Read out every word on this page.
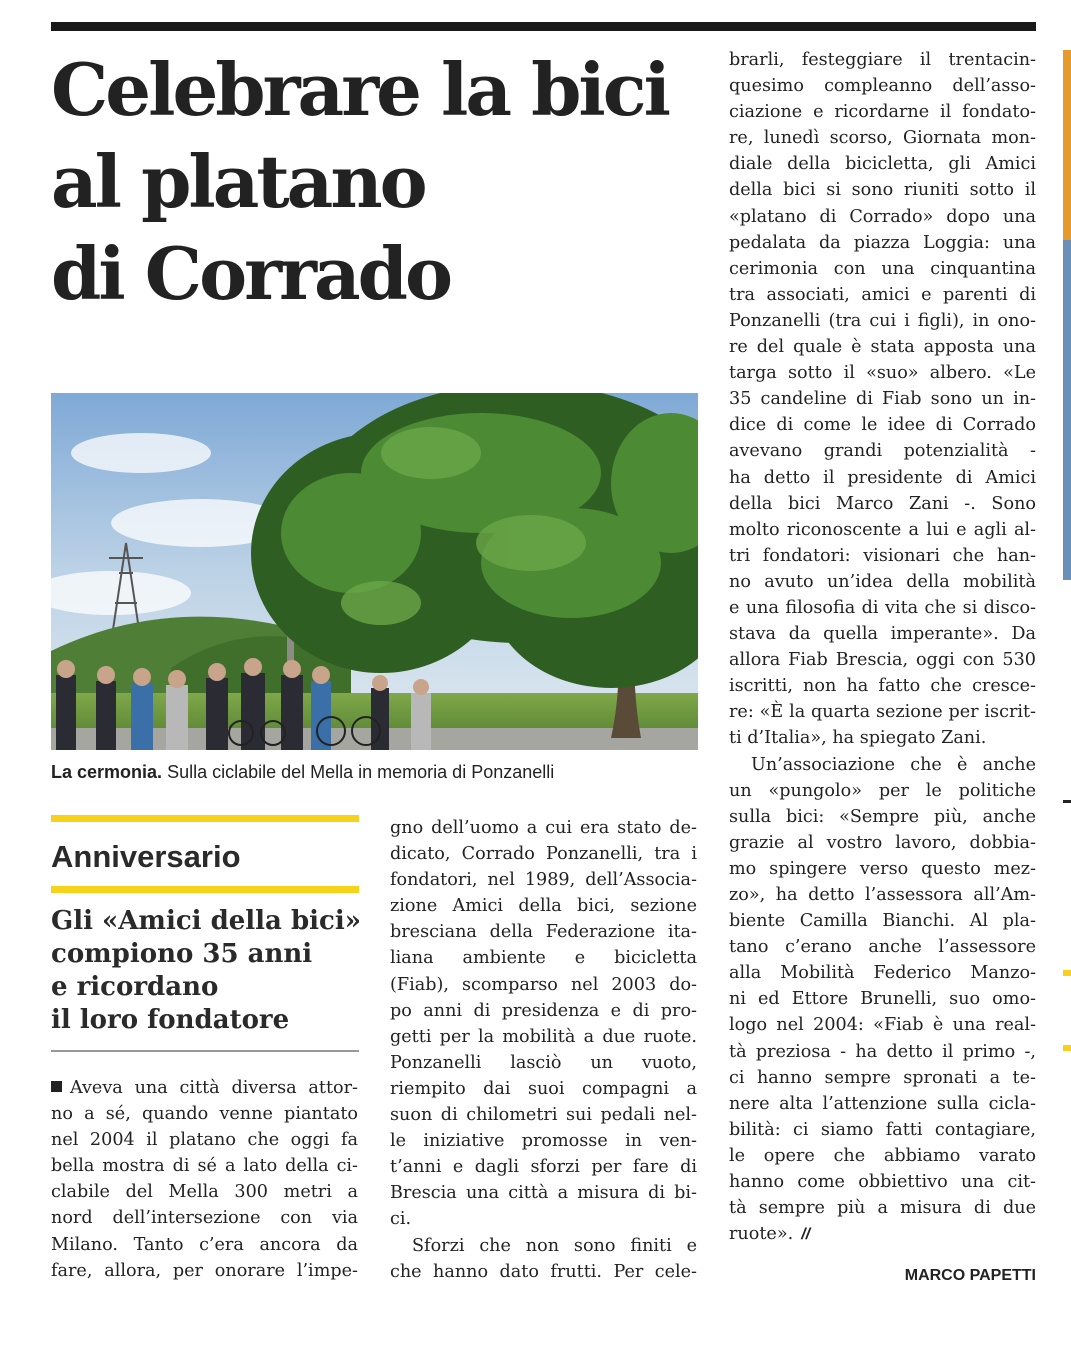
Celebrare la bici
al platano
di Corrado
La cermonia. Sulla ciclabile del Mella in memoria di Ponzanelli
Anniversario
Gli «Amici della bici»
compiono 35 anni
e ricordano
il loro fondatore
Aveva una città diversa attor-
no a sé, quando venne piantato
nel 2004 il platano che oggi fa
bella mostra di sé a lato della ci-
clabile del Mella 300 metri a
nord dell’intersezione con via
Milano. Tanto c’era ancora da
fare, allora, per onorare l’impe-
gno dell’uomo a cui era stato de-
dicato, Corrado Ponzanelli, tra i
fondatori, nel 1989, dell’Associa-
zione Amici della bici, sezione
bresciana della Federazione ita-
liana ambiente e bicicletta
(Fiab), scomparso nel 2003 do-
po anni di presidenza e di pro-
getti per la mobilità a due ruote.
Ponzanelli lasciò un vuoto,
riempito dai suoi compagni a
suon di chilometri sui pedali nel-
le iniziative promosse in ven-
t’anni e dagli sforzi per fare di
Brescia una città a misura di bi-
ci.
Sforzi che non sono finiti e
che hanno dato frutti. Per cele-
brarli, festeggiare il trentacin-
quesimo compleanno dell’asso-
ciazione e ricordarne il fondato-
re, lunedì scorso, Giornata mon-
diale della bicicletta, gli Amici
della bici si sono riuniti sotto il
«platano di Corrado» dopo una
pedalata da piazza Loggia: una
cerimonia con una cinquantina
tra associati, amici e parenti di
Ponzanelli (tra cui i figli), in ono-
re del quale è stata apposta una
targa sotto il «suo» albero. «Le
35 candeline di Fiab sono un in-
dice di come le idee di Corrado
avevano grandi potenzialità -
ha detto il presidente di Amici
della bici Marco Zani -. Sono
molto riconoscente a lui e agli al-
tri fondatori: visionari che han-
no avuto un’idea della mobilità
e una filosofia di vita che si disco-
stava da quella imperante». Da
allora Fiab Brescia, oggi con 530
iscritti, non ha fatto che cresce-
re: «È la quarta sezione per iscrit-
ti d’Italia», ha spiegato Zani.
Un’associazione che è anche
un «pungolo» per le politiche
sulla bici: «Sempre più, anche
grazie al vostro lavoro, dobbia-
mo spingere verso questo mez-
zo», ha detto l’assessora all’Am-
biente Camilla Bianchi. Al pla-
tano c’erano anche l’assessore
alla Mobilità Federico Manzo-
ni ed Ettore Brunelli, suo omo-
logo nel 2004: «Fiab è una real-
tà preziosa - ha detto il primo -,
ci hanno sempre spronati a te-
nere alta l’attenzione sulla cicla-
bilità: ci siamo fatti contagiare,
le opere che abbiamo varato
hanno come obbiettivo una cit-
tà sempre più a misura di due
ruote». //
MARCO PAPETTI
